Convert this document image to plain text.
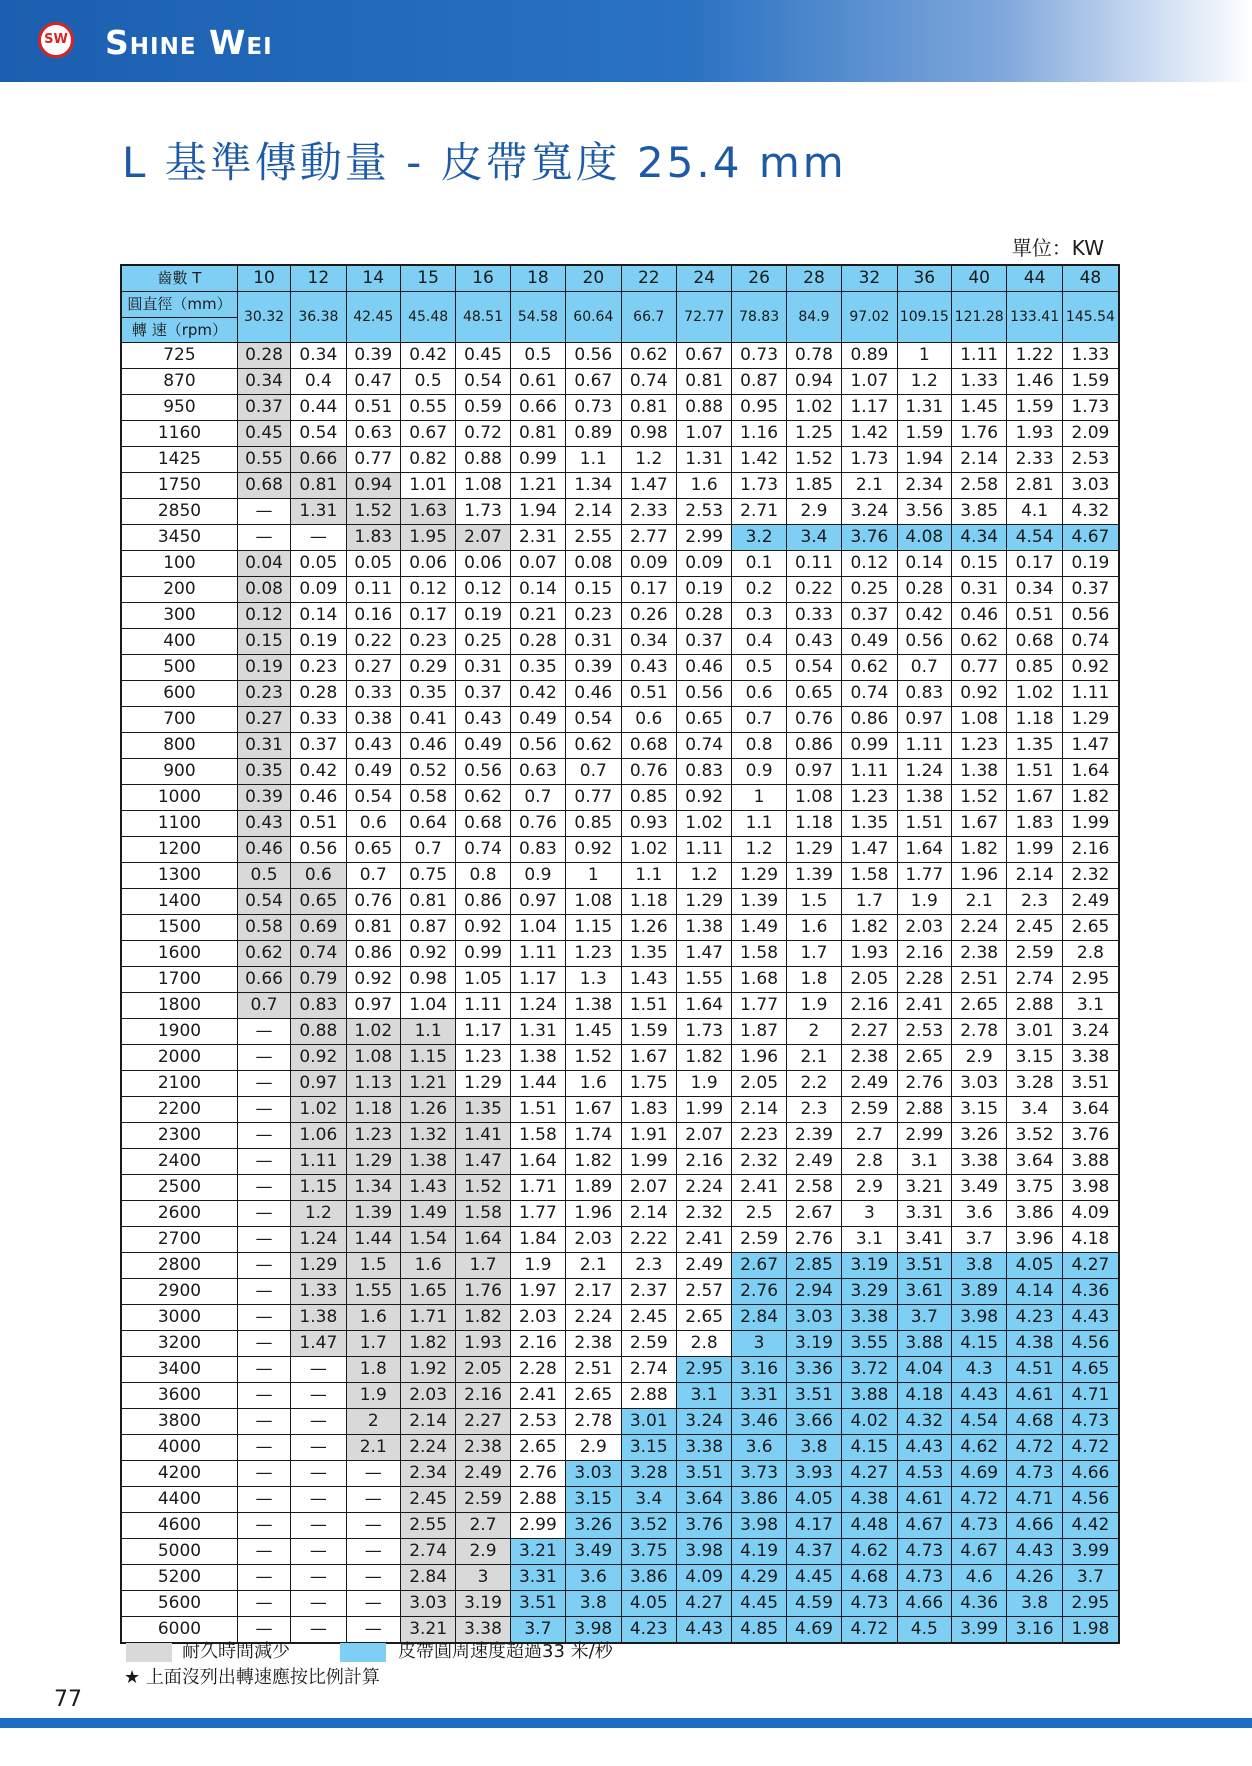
SW Shine Wei
L 基準傳動量 - 皮帶寬度 25.4 mm
單位：KW
齒數 T	10	12	14	15	16	18	20	22	24	26	28	32	36	40	44	48

圓直徑（mm）
轉 速（rpm）	30.32	36.38	42.45	45.48	48.51	54.58	60.64	66.7	72.77	78.83	84.9	97.02	109.15	121.28	133.41	145.54
725	0.28	0.34	0.39	0.42	0.45	0.5	0.56	0.62	0.67	0.73	0.78	0.89	1	1.11	1.22	1.33
870	0.34	0.4	0.47	0.5	0.54	0.61	0.67	0.74	0.81	0.87	0.94	1.07	1.2	1.33	1.46	1.59
950	0.37	0.44	0.51	0.55	0.59	0.66	0.73	0.81	0.88	0.95	1.02	1.17	1.31	1.45	1.59	1.73
1160	0.45	0.54	0.63	0.67	0.72	0.81	0.89	0.98	1.07	1.16	1.25	1.42	1.59	1.76	1.93	2.09
1425	0.55	0.66	0.77	0.82	0.88	0.99	1.1	1.2	1.31	1.42	1.52	1.73	1.94	2.14	2.33	2.53
1750	0.68	0.81	0.94	1.01	1.08	1.21	1.34	1.47	1.6	1.73	1.85	2.1	2.34	2.58	2.81	3.03
2850	—	1.31	1.52	1.63	1.73	1.94	2.14	2.33	2.53	2.71	2.9	3.24	3.56	3.85	4.1	4.32
3450	—	—	1.83	1.95	2.07	2.31	2.55	2.77	2.99	3.2	3.4	3.76	4.08	4.34	4.54	4.67
100	0.04	0.05	0.05	0.06	0.06	0.07	0.08	0.09	0.09	0.1	0.11	0.12	0.14	0.15	0.17	0.19
200	0.08	0.09	0.11	0.12	0.12	0.14	0.15	0.17	0.19	0.2	0.22	0.25	0.28	0.31	0.34	0.37
300	0.12	0.14	0.16	0.17	0.19	0.21	0.23	0.26	0.28	0.3	0.33	0.37	0.42	0.46	0.51	0.56
400	0.15	0.19	0.22	0.23	0.25	0.28	0.31	0.34	0.37	0.4	0.43	0.49	0.56	0.62	0.68	0.74
500	0.19	0.23	0.27	0.29	0.31	0.35	0.39	0.43	0.46	0.5	0.54	0.62	0.7	0.77	0.85	0.92
600	0.23	0.28	0.33	0.35	0.37	0.42	0.46	0.51	0.56	0.6	0.65	0.74	0.83	0.92	1.02	1.11
700	0.27	0.33	0.38	0.41	0.43	0.49	0.54	0.6	0.65	0.7	0.76	0.86	0.97	1.08	1.18	1.29
800	0.31	0.37	0.43	0.46	0.49	0.56	0.62	0.68	0.74	0.8	0.86	0.99	1.11	1.23	1.35	1.47
900	0.35	0.42	0.49	0.52	0.56	0.63	0.7	0.76	0.83	0.9	0.97	1.11	1.24	1.38	1.51	1.64
1000	0.39	0.46	0.54	0.58	0.62	0.7	0.77	0.85	0.92	1	1.08	1.23	1.38	1.52	1.67	1.82
1100	0.43	0.51	0.6	0.64	0.68	0.76	0.85	0.93	1.02	1.1	1.18	1.35	1.51	1.67	1.83	1.99
1200	0.46	0.56	0.65	0.7	0.74	0.83	0.92	1.02	1.11	1.2	1.29	1.47	1.64	1.82	1.99	2.16
1300	0.5	0.6	0.7	0.75	0.8	0.9	1	1.1	1.2	1.29	1.39	1.58	1.77	1.96	2.14	2.32
1400	0.54	0.65	0.76	0.81	0.86	0.97	1.08	1.18	1.29	1.39	1.5	1.7	1.9	2.1	2.3	2.49
1500	0.58	0.69	0.81	0.87	0.92	1.04	1.15	1.26	1.38	1.49	1.6	1.82	2.03	2.24	2.45	2.65
1600	0.62	0.74	0.86	0.92	0.99	1.11	1.23	1.35	1.47	1.58	1.7	1.93	2.16	2.38	2.59	2.8
1700	0.66	0.79	0.92	0.98	1.05	1.17	1.3	1.43	1.55	1.68	1.8	2.05	2.28	2.51	2.74	2.95
1800	0.7	0.83	0.97	1.04	1.11	1.24	1.38	1.51	1.64	1.77	1.9	2.16	2.41	2.65	2.88	3.1
1900	—	0.88	1.02	1.1	1.17	1.31	1.45	1.59	1.73	1.87	2	2.27	2.53	2.78	3.01	3.24
2000	—	0.92	1.08	1.15	1.23	1.38	1.52	1.67	1.82	1.96	2.1	2.38	2.65	2.9	3.15	3.38
2100	—	0.97	1.13	1.21	1.29	1.44	1.6	1.75	1.9	2.05	2.2	2.49	2.76	3.03	3.28	3.51
2200	—	1.02	1.18	1.26	1.35	1.51	1.67	1.83	1.99	2.14	2.3	2.59	2.88	3.15	3.4	3.64
2300	—	1.06	1.23	1.32	1.41	1.58	1.74	1.91	2.07	2.23	2.39	2.7	2.99	3.26	3.52	3.76
2400	—	1.11	1.29	1.38	1.47	1.64	1.82	1.99	2.16	2.32	2.49	2.8	3.1	3.38	3.64	3.88
2500	—	1.15	1.34	1.43	1.52	1.71	1.89	2.07	2.24	2.41	2.58	2.9	3.21	3.49	3.75	3.98
2600	—	1.2	1.39	1.49	1.58	1.77	1.96	2.14	2.32	2.5	2.67	3	3.31	3.6	3.86	4.09
2700	—	1.24	1.44	1.54	1.64	1.84	2.03	2.22	2.41	2.59	2.76	3.1	3.41	3.7	3.96	4.18
2800	—	1.29	1.5	1.6	1.7	1.9	2.1	2.3	2.49	2.67	2.85	3.19	3.51	3.8	4.05	4.27
2900	—	1.33	1.55	1.65	1.76	1.97	2.17	2.37	2.57	2.76	2.94	3.29	3.61	3.89	4.14	4.36
3000	—	1.38	1.6	1.71	1.82	2.03	2.24	2.45	2.65	2.84	3.03	3.38	3.7	3.98	4.23	4.43
3200	—	1.47	1.7	1.82	1.93	2.16	2.38	2.59	2.8	3	3.19	3.55	3.88	4.15	4.38	4.56
3400	—	—	1.8	1.92	2.05	2.28	2.51	2.74	2.95	3.16	3.36	3.72	4.04	4.3	4.51	4.65
3600	—	—	1.9	2.03	2.16	2.41	2.65	2.88	3.1	3.31	3.51	3.88	4.18	4.43	4.61	4.71
3800	—	—	2	2.14	2.27	2.53	2.78	3.01	3.24	3.46	3.66	4.02	4.32	4.54	4.68	4.73
4000	—	—	2.1	2.24	2.38	2.65	2.9	3.15	3.38	3.6	3.8	4.15	4.43	4.62	4.72	4.72
4200	—	—	—	2.34	2.49	2.76	3.03	3.28	3.51	3.73	3.93	4.27	4.53	4.69	4.73	4.66
4400	—	—	—	2.45	2.59	2.88	3.15	3.4	3.64	3.86	4.05	4.38	4.61	4.72	4.71	4.56
4600	—	—	—	2.55	2.7	2.99	3.26	3.52	3.76	3.98	4.17	4.48	4.67	4.73	4.66	4.42
5000	—	—	—	2.74	2.9	3.21	3.49	3.75	3.98	4.19	4.37	4.62	4.73	4.67	4.43	3.99
5200	—	—	—	2.84	3	3.31	3.6	3.86	4.09	4.29	4.45	4.68	4.73	4.6	4.26	3.7
5600	—	—	—	3.03	3.19	3.51	3.8	4.05	4.27	4.45	4.59	4.73	4.66	4.36	3.8	2.95
6000	—	—	—	3.21	3.38	3.7	3.98	4.23	4.43	4.85	4.69	4.72	4.5	3.99	3.16	1.98
耐久時間減少	皮帶圓周速度超過33 米/秒
★ 上面沒列出轉速應按比例計算
77
